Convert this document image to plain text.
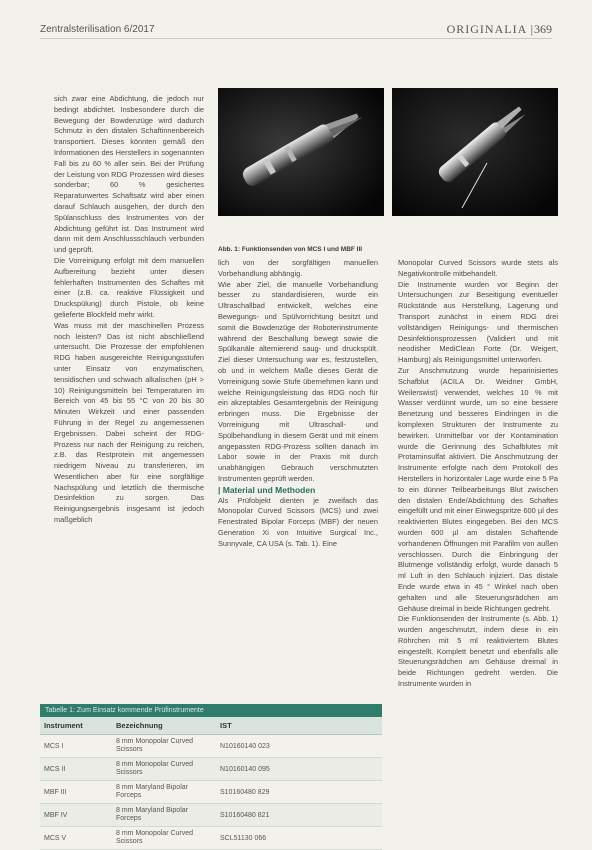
Zentralsterilisation 6/2017	ORIGINALIA | 369

sich zwar eine Abdichtung, die jedoch nur bedingt abdichtet. Insbesondere durch die Bewegung der Bowdenzüge wird dadurch Schmutz in den distalen Schaftinnenbereich transportiert. Dieses könnten gemäß den Informationen des Herstellers in sogenannten Fall bis zu 60 % aller sein. Bei der Prüfung der Leistung von RDG Prozessen wird dieses sonderbar; 60 % gesichertes Reparaturwertes Schaftsatz wird aber einen darauf Schlauch ausgehen, der durch den Spülanschluss des Instrumentes von der Abdichtung geführt ist. Das Instrument wird dann mit dem Anschlussschlauch verbunden und geprüft.

Die Vorreinigung erfolgt mit dem manuellen Aufbereitung bezieht unter diesen fehlerhaften Instrumenten des Schaftes mit einer (z.B. ca. reaktive Flüssigkeit und Druckspülung) durch Pistole, ob keine gelieferte Blockfeld mehr wirkt.

Was muss mit der maschinellen Prozess noch leisten? Das ist nicht abschließend untersucht. Die Prozesse der empfohlenen RDG haben ausgereichte Reinigungsstufen unter Einsatz von enzymatischen, tensidischen und schwach alkalischen (pH > 10) Reinigungsmitteln bei Temperaturen im Bereich von 45 bis 55 °C von 20 bis 30 Minuten Wirkzeit und einer passenden Führung in der Regel zu angemessenen Ergebnissen. Dabei scheint der RDG-Prozess nur nach der Reinigung zu reichen, z.B. das Restprotein mit angemessen niedrigem Niveau zu transferieren, im Wesentlichen aber für eine sorgfältige Nachspülung und letztlich die thermische Desinfektion zu sorgen. Das Reinigungsergebnis insgesamt ist jedoch maßgeblich

Abb. 1: Funktionsenden von MCS I und MBF III

lich von der sorgfältigen manuellen Vorbehandlung abhängig.

Wie aber Ziel, die manuelle Vorbehandlung besser zu standardisieren, wurde ein Ultraschallbad entwickelt, welches eine Bewegungs- und Spülvorrichtung besitzt und somit die Bowdenzüge der Roboterinstrumente während der Beschallung bewegt sowie die Spülkanäle alternierend saug- und druckspült. Ziel dieser Untersuchung war es, festzustellen, ob und in welchem Maße dieses Gerät die Vorreinigung sowie Stufe übernehmen kann und welche Reinigungsleistung das RDG noch für ein akzeptables Gesamtergebnis der Reinigung erbringen muss. Die Ergebnisse der Vorreinigung mit Ultraschall- und Spülbehandlung in diesem Gerät und mit einem angepassten RDG-Prozess sollten danach im Labor sowie in der Praxis mit durch unabhängigen Gebrauch verschmutzten Instrumenten geprüft werden.

| Material und Methoden

Als Prüfobjekt dienten je zweifach das Monopolar Curved Scissors (MCS) und zwei Fenestrated Bipolar Forceps (MBF) der neuen Generation Xi von Intuitive Surgical Inc., Sunnyvale, CA USA (s. Tab. 1). Eine

Monopolar Curved Scissors wurde stets als Negativkontrolle mitbehandelt.

Die Instrumente wurden vor Beginn der Untersuchungen zur Beseitigung eventueller Rückstände aus Herstellung, Lagerung und Transport zunächst in einem RDG drei vollständigen Reinigungs- und thermischen Desinfektionsprozessen (Validiert und mit neodisher MediClean Forte (Dr. Weigert, Hamburg) als Reinigungsmittel unterworfen.

Zur Anschmutzung wurde heparinisiertes Schafblut (ACILA Dr. Weidner GmbH, Weilerswist) verwendet, welches 10 % mit Wasser verdünnt wurde, um so eine bessere Benetzung und besseres Eindringen in die komplexen Strukturen der Instrumente zu bewirken. Unmittelbar vor der Kontamination wurde die Gerinnung des Schafblutes mit Protaminsulfat aktiviert. Die Anschmutzung der Instrumente erfolgte nach dem Protokoll des Herstellers in horizontaler Lage wurde eine 5 Pa to ein dünner Teilbearbeitungs Blut zwischen den distalen Ende/Abdichtung des Schaftes eingefüllt und mit einer Einwegspritze 600 µl des reaktivierten Blutes eingegeben. Bei den MCS wurden 600 µl am distalen Schaftende vorhandenen Öffnungen mit Parafilm von außen verschlossen. Durch die Einbringung der Blutmenge vollständig erfolgt, wurde danach 5 ml Luft in den Schlauch injiziert. Das distale Ende wurde etwa in 45 ° Winkel nach oben gehalten und alle Steuerungsrädchen am Gehäuse dreimal in beide Richtungen gedreht.

Die Funktionsenden der Instrumente (s. Abb. 1) wurden angeschmutzt, indem diese in ein Röhrchen mit 5 ml reaktiviertem Blutes eingestellt. Komplett benetzt und ebenfalls alle Steuerungsrädchen am Gehäuse dreimal in beide Richtungen gedreht werden. Die Instrumente wurden in

Tabelle 1: Zum Einsatz kommende Prüfinstrumente
Instrument	Bezeichnung	IST
MCS I	8 mm Monopolar Curved Scissors	N10160140 023
MCS II	8 mm Monopolar Curved Scissors	N10160140 095
MBF III	8 mm Maryland Bipolar Forceps	S10160480 829
MBF IV	8 mm Maryland Bipolar Forceps	S10160480 821
MCS V	8 mm Monopolar Curved Scissors	SCL51130 066
